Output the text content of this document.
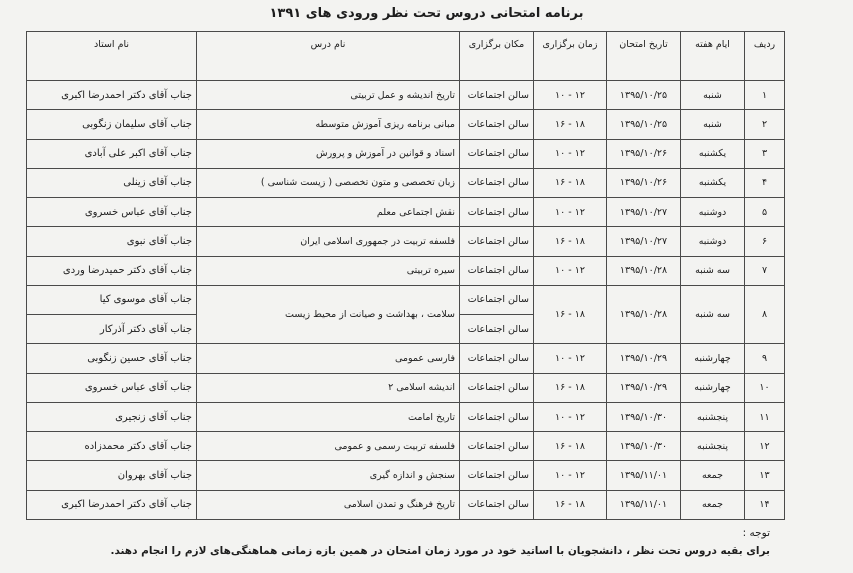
برنامه امتحانی دروس تحت نظر ورودی های ۱۳۹۱
ردیف	ایام هفته	تاریخ امتحان	زمان برگزاری	مکان برگزاری	نام درس	نام استاد
۱	شنبه	۱۳۹۵/۱۰/۲۵	۱۲ - ۱۰	سالن اجتماعات	تاریخ اندیشه و عمل تربیتی	جناب آقای دکتر احمدرضا اکبری
۲	شنبه	۱۳۹۵/۱۰/۲۵	۱۸ - ۱۶	سالن اجتماعات	مبانی برنامه ریزی آموزش متوسطه	جناب آقای سلیمان زنگوبی
۳	یکشنبه	۱۳۹۵/۱۰/۲۶	۱۲ - ۱۰	سالن اجتماعات	اسناد و قوانین در آموزش و پرورش	جناب آقای اکبر علی آبادی
۴	یکشنبه	۱۳۹۵/۱۰/۲۶	۱۸ - ۱۶	سالن اجتماعات	زبان تخصصی و متون تخصصی ( زیست شناسی )	جناب آقای زینلی
۵	دوشنبه	۱۳۹۵/۱۰/۲۷	۱۲ - ۱۰	سالن اجتماعات	نقش اجتماعی معلم	جناب آقای عباس خسروی
۶	دوشنبه	۱۳۹۵/۱۰/۲۷	۱۸ - ۱۶	سالن اجتماعات	فلسفه تربیت در جمهوری اسلامی ایران	جناب آقای نبوی
۷	سه شنبه	۱۳۹۵/۱۰/۲۸	۱۲ - ۱۰	سالن اجتماعات	سیره تربیتی	جناب آقای دکتر حمیدرضا وردی
۸	سه شنبه	۱۳۹۵/۱۰/۲۸	۱۸ - ۱۶	سالن اجتماعات	سلامت ، بهداشت و صیانت از محیط زیست	جناب آقای موسوی کیا
				سالن اجتماعات		جناب آقای دکتر آذرکار
۹	چهارشنبه	۱۳۹۵/۱۰/۲۹	۱۲ - ۱۰	سالن اجتماعات	فارسی عمومی	جناب آقای حسین زنگوبی
۱۰	چهارشنبه	۱۳۹۵/۱۰/۲۹	۱۸ - ۱۶	سالن اجتماعات	اندیشه اسلامی ۲	جناب آقای عباس خسروی
۱۱	پنجشنبه	۱۳۹۵/۱۰/۳۰	۱۲ - ۱۰	سالن اجتماعات	تاریخ امامت	جناب آقای زنجیری
۱۲	پنجشنبه	۱۳۹۵/۱۰/۳۰	۱۸ - ۱۶	سالن اجتماعات	فلسفه تربیت رسمی و عمومی	جناب آقای دکتر محمدزاده
۱۳	جمعه	۱۳۹۵/۱۱/۰۱	۱۲ - ۱۰	سالن اجتماعات	سنجش و اندازه گیری	جناب آقای بهروان
۱۴	جمعه	۱۳۹۵/۱۱/۰۱	۱۸ - ۱۶	سالن اجتماعات	تاریخ فرهنگ و تمدن اسلامی	جناب آقای دکتر احمدرضا اکبری
توجه :
برای بقیه دروس تحت نظر ، دانشجویان با اساتید خود در مورد زمان امتحان در همین بازه زمانی هماهنگی‌های لازم را انجام دهند.
